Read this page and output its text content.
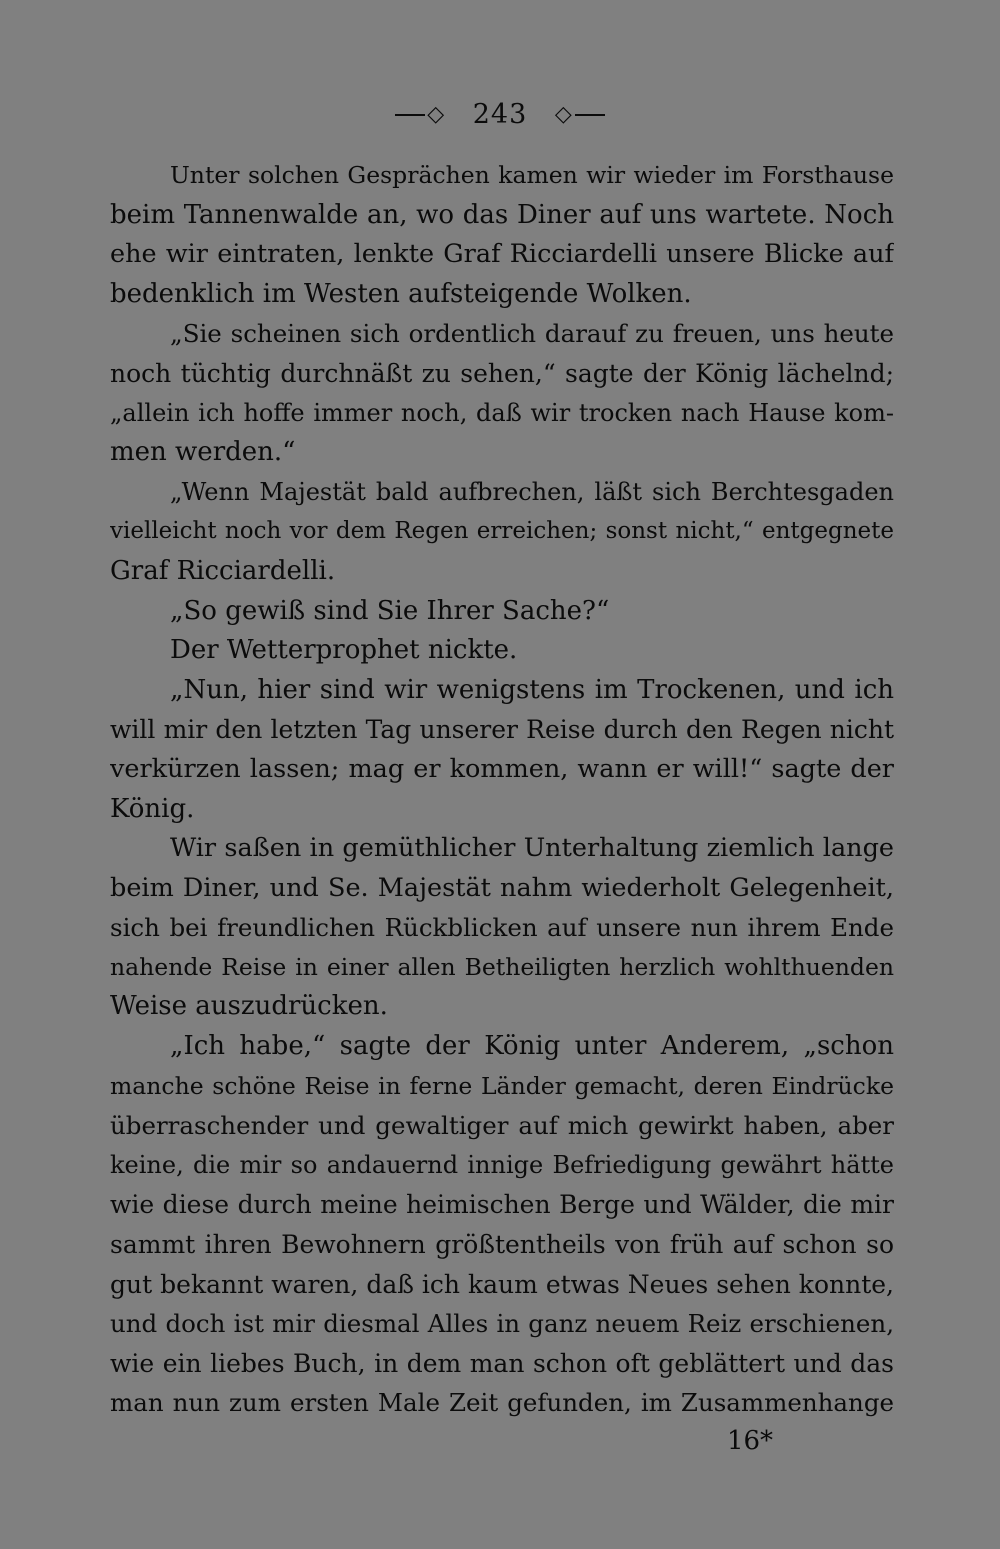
◇ 243 ◇
Unter solchen Gesprächen kamen wir wieder im Forsthause
beim Tannenwalde an, wo das Diner auf uns wartete. Noch
ehe wir eintraten, lenkte Graf Ricciardelli unsere Blicke auf
bedenklich im Westen aufsteigende Wolken.
„Sie scheinen sich ordentlich darauf zu freuen, uns heute
noch tüchtig durchnäßt zu sehen,“ sagte der König lächelnd;
„allein ich hoffe immer noch, daß wir trocken nach Hause kom-
men werden.“
„Wenn Majestät bald aufbrechen, läßt sich Berchtesgaden
vielleicht noch vor dem Regen erreichen; sonst nicht,“ entgegnete
Graf Ricciardelli.
„So gewiß sind Sie Ihrer Sache?“
Der Wetterprophet nickte.
„Nun, hier sind wir wenigstens im Trockenen, und ich
will mir den letzten Tag unserer Reise durch den Regen nicht
verkürzen lassen; mag er kommen, wann er will!“ sagte der
König.
Wir saßen in gemüthlicher Unterhaltung ziemlich lange
beim Diner, und Se. Majestät nahm wiederholt Gelegenheit,
sich bei freundlichen Rückblicken auf unsere nun ihrem Ende
nahende Reise in einer allen Betheiligten herzlich wohlthuenden
Weise auszudrücken.
„Ich habe,“ sagte der König unter Anderem, „schon
manche schöne Reise in ferne Länder gemacht, deren Eindrücke
überraschender und gewaltiger auf mich gewirkt haben, aber
keine, die mir so andauernd innige Befriedigung gewährt hätte
wie diese durch meine heimischen Berge und Wälder, die mir
sammt ihren Bewohnern größtentheils von früh auf schon so
gut bekannt waren, daß ich kaum etwas Neues sehen konnte,
und doch ist mir diesmal Alles in ganz neuem Reiz erschienen,
wie ein liebes Buch, in dem man schon oft geblättert und das
man nun zum ersten Male Zeit gefunden, im Zusammenhange
16*
